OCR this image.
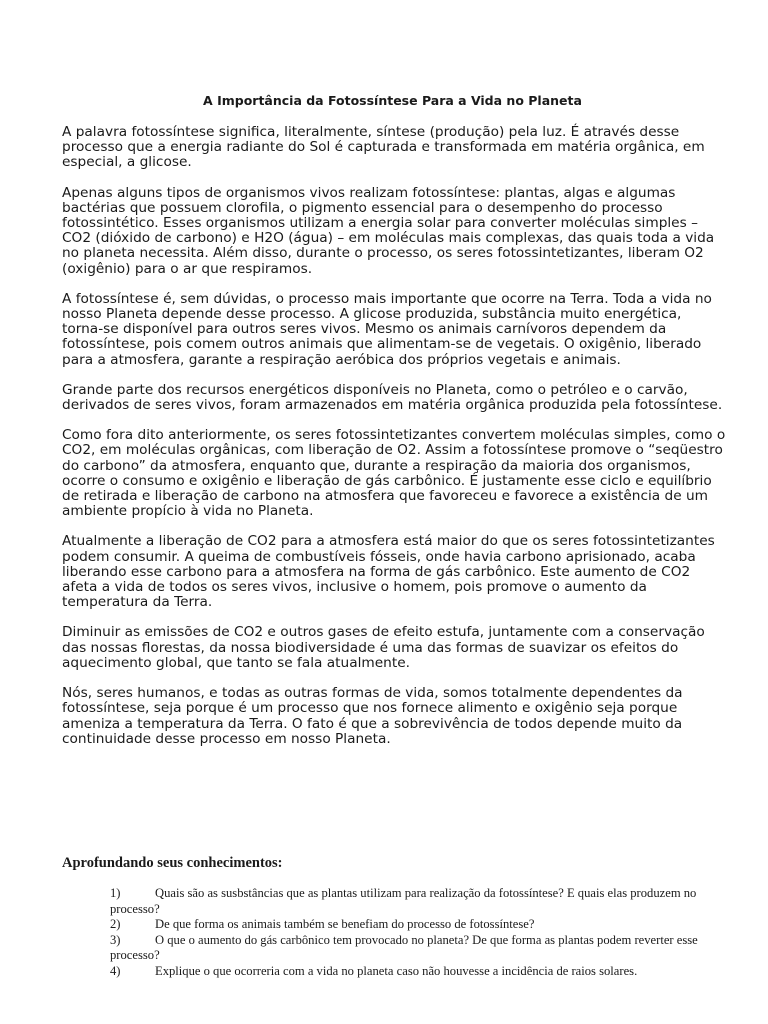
A Importância da Fotossíntese Para a Vida no Planeta

A palavra fotossíntese significa, literalmente, síntese (produção) pela luz. É através desse processo que a energia radiante do Sol é capturada e transformada em matéria orgânica, em especial, a glicose.

Apenas alguns tipos de organismos vivos realizam fotossíntese: plantas, algas e algumas bactérias que possuem clorofila, o pigmento essencial para o desempenho do processo fotossintético. Esses organismos utilizam a energia solar para converter moléculas simples – CO2 (dióxido de carbono) e H2O (água) – em moléculas mais complexas, das quais toda a vida no planeta necessita. Além disso, durante o processo, os seres fotossintetizantes, liberam O2 (oxigênio) para o ar que respiramos.

A fotossíntese é, sem dúvidas, o processo mais importante que ocorre na Terra. Toda a vida no nosso Planeta depende desse processo. A glicose produzida, substância muito energética, torna-se disponível para outros seres vivos. Mesmo os animais carnívoros dependem da fotossíntese, pois comem outros animais que alimentam-se de vegetais. O oxigênio, liberado para a atmosfera, garante a respiração aeróbica dos próprios vegetais e animais.

Grande parte dos recursos energéticos disponíveis no Planeta, como o petróleo e o carvão, derivados de seres vivos, foram armazenados em matéria orgânica produzida pela fotossíntese.

Como fora dito anteriormente, os seres fotossintetizantes convertem moléculas simples, como o CO2, em moléculas orgânicas, com liberação de O2. Assim a fotossíntese promove o “seqüestro do carbono” da atmosfera, enquanto que, durante a respiração da maioria dos organismos, ocorre o consumo e oxigênio e liberação de gás carbônico. É justamente esse ciclo e equilíbrio de retirada e liberação de carbono na atmosfera que favoreceu e favorece a existência de um ambiente propício à vida no Planeta.

Atualmente a liberação de CO2 para a atmosfera está maior do que os seres fotossintetizantes podem consumir. A queima de combustíveis fósseis, onde havia carbono aprisionado, acaba liberando esse carbono para a atmosfera na forma de gás carbônico. Este aumento de CO2 afeta a vida de todos os seres vivos, inclusive o homem, pois promove o aumento da temperatura da Terra.

Diminuir as emissões de CO2 e outros gases de efeito estufa, juntamente com a conservação das nossas florestas, da nossa biodiversidade é uma das formas de suavizar os efeitos do aquecimento global, que tanto se fala atualmente.

Nós, seres humanos, e todas as outras formas de vida, somos totalmente dependentes da fotossíntese, seja porque é um processo que nos fornece alimento e oxigênio seja porque ameniza a temperatura da Terra. O fato é que a sobrevivência de todos depende muito da continuidade desse processo em nosso Planeta.

Aprofundando seus conhecimentos:
1)	Quais são as susbstâncias que as plantas utilizam para realização da fotossíntese? E quais elas produzem no processo?
2)	De que forma os animais também se benefiam do processo de fotossíntese?
3)	O que o aumento do gás carbônico tem provocado no planeta? De que forma as plantas podem reverter esse processo?
4)	Explique o que ocorreria com a vida no planeta caso não houvesse a incidência de raios solares.
